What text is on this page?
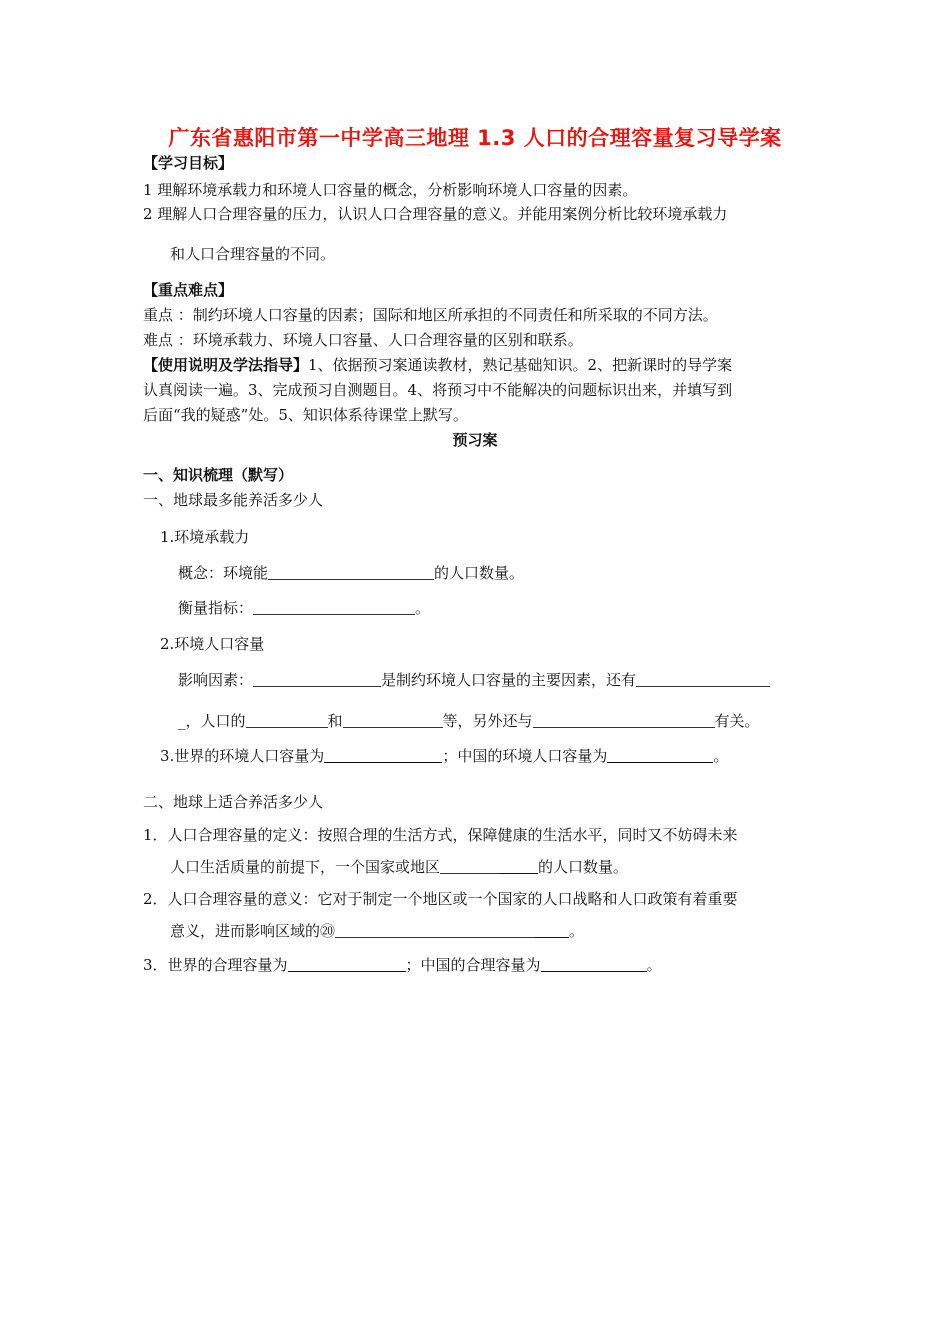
广东省惠阳市第一中学高三地理 1.3 人口的合理容量复习导学案
【学习目标】
1 理解环境承载力和环境人口容量的概念，分析影响环境人口容量的因素。
2 理解人口合理容量的压力，认识人口合理容量的意义。并能用案例分析比较环境承载力
和人口合理容量的不同。
【重点难点】
重点 ：制约环境人口容量的因素；国际和地区所承担的不同责任和所采取的不同方法。
难点 ：环境承载力、环境人口容量、人口合理容量的区别和联系。
【使用说明及学法指导】1、依据预习案通读教材，熟记基础知识。2、把新课时的导学案
认真阅读一遍。3、完成预习自测题目。4、将预习中不能解决的问题标识出来，并填写到
后面“我的疑惑”处。5、知识体系待课堂上默写。
预习案
一、知识梳理（默写）
一、地球最多能养活多少人
1.环境承载力
概念：环境能	的人口数量。
衡量指标：	。
2.环境人口容量
影响因素：	是制约环境人口容量的主要因素，还有
_，人口的	和	等，另外还与	有关。
3.世界的环境人口容量为	；中国的环境人口容量为	。
二、地球上适合养活多少人
1．人口合理容量的定义：按照合理的生活方式，保障健康的生活水平，同时又不妨碍未来
人口生活质量的前提下，一个国家或地区	的人口数量。
2．人口合理容量的意义：它对于制定一个地区或一个国家的人口战略和人口政策有着重要
意义，进而影响区域的⑳	。
3．世界的合理容量为	；中国的合理容量为	。
